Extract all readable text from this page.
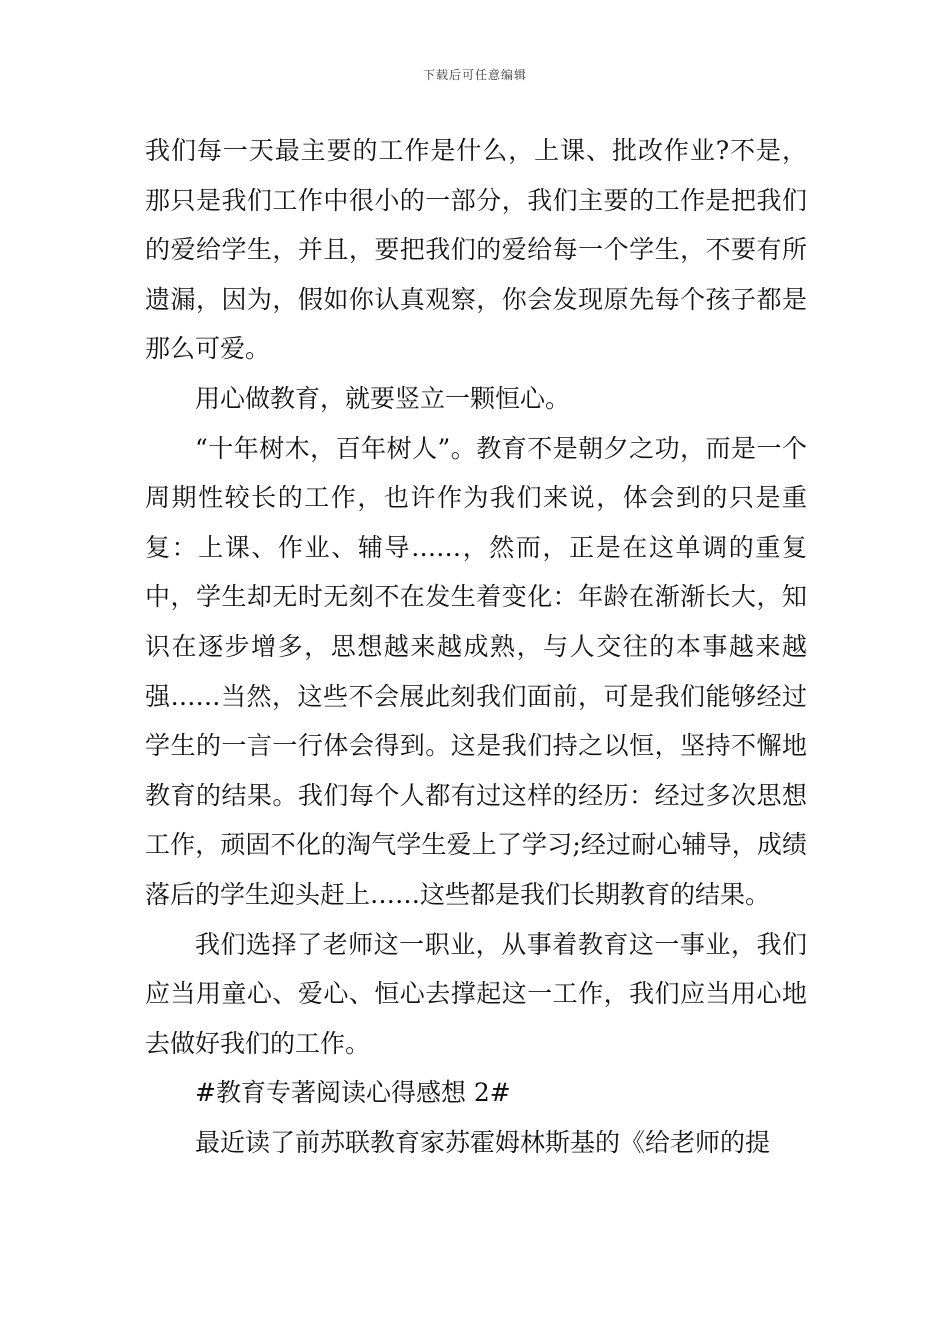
下载后可任意编辑

我们每一天最主要的工作是什么，上课、批改作业?不是，那只是我们工作中很小的一部分，我们主要的工作是把我们的爱给学生，并且，要把我们的爱给每一个学生，不要有所遗漏，因为，假如你认真观察，你会发现原先每个孩子都是那么可爱。

用心做教育，就要竖立一颗恒心。

“十年树木，百年树人”。教育不是朝夕之功，而是一个周期性较长的工作，也许作为我们来说，体会到的只是重复：上课、作业、辅导……，然而，正是在这单调的重复中，学生却无时无刻不在发生着变化：年龄在渐渐长大，知识在逐步增多，思想越来越成熟，与人交往的本事越来越强……当然，这些不会展此刻我们面前，可是我们能够经过学生的一言一行体会得到。这是我们持之以恒，坚持不懈地教育的结果。我们每个人都有过这样的经历：经过多次思想工作，顽固不化的淘气学生爱上了学习;经过耐心辅导，成绩落后的学生迎头赶上……这些都是我们长期教育的结果。

我们选择了老师这一职业，从事着教育这一事业，我们应当用童心、爱心、恒心去撑起这一工作，我们应当用心地去做好我们的工作。

#教育专著阅读心得感想 2#

最近读了前苏联教育家苏霍姆林斯基的《给老师的提
